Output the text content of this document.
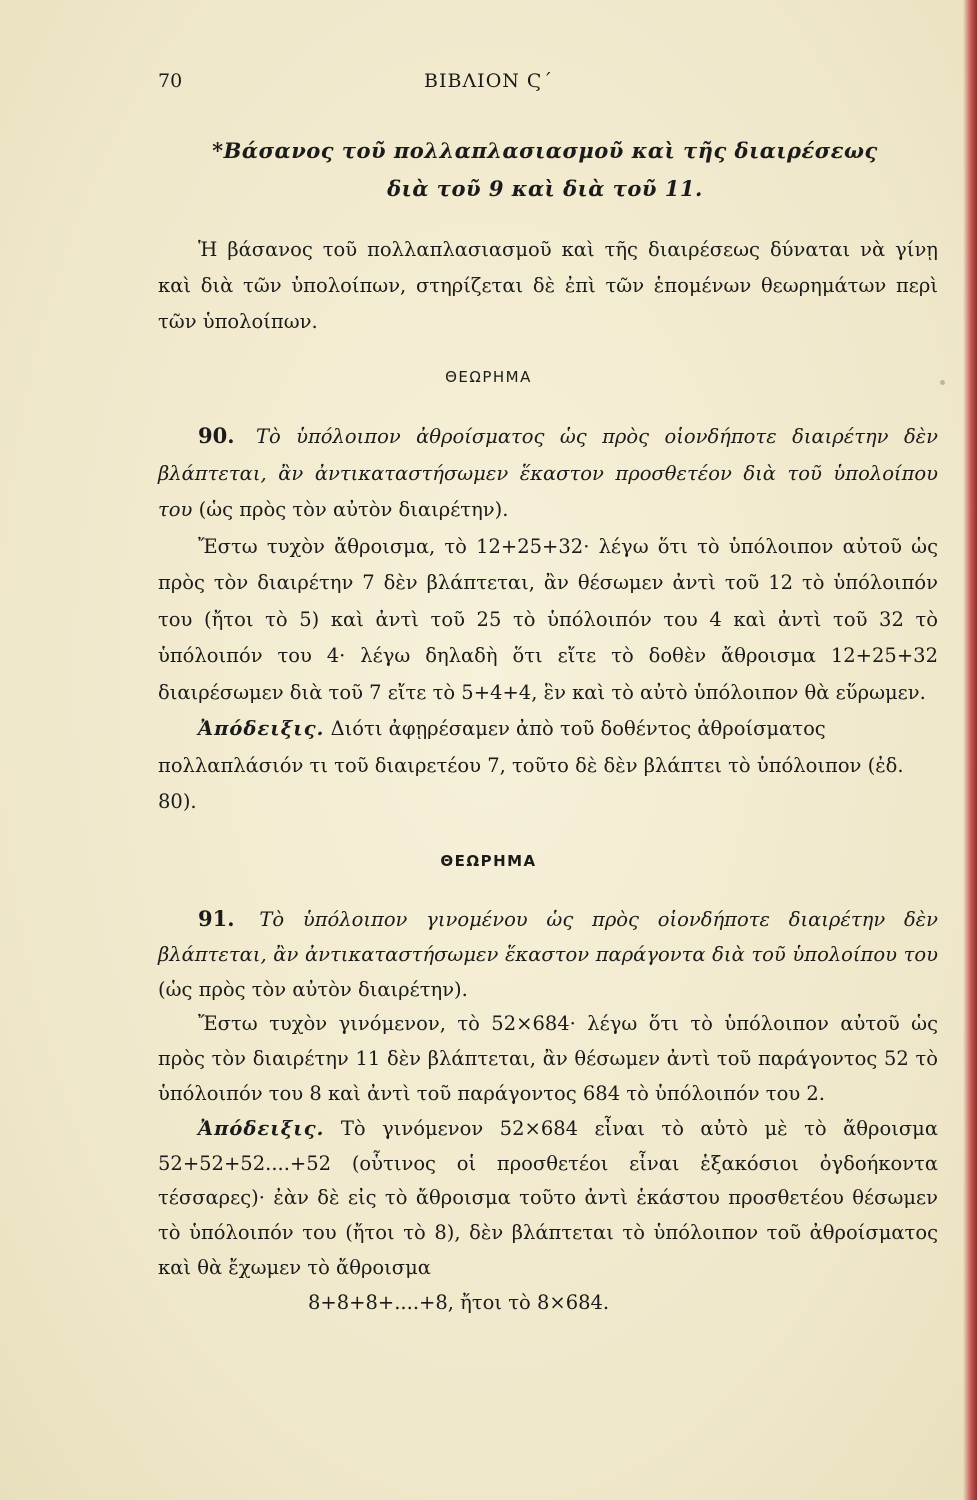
70	ΒΙΒΛΙΟΝ Ϛ΄
*Βάσανος τοῦ πολλαπλασιασμοῦ καὶ τῆς διαιρέσεως
διὰ τοῦ 9 καὶ διὰ τοῦ 11.
Ἡ βάσανος τοῦ πολλαπλασιασμοῦ καὶ τῆς διαιρέσεως δύναται νὰ γίνῃ καὶ διὰ τῶν ὑπολοίπων, στηρίζεται δὲ ἐπὶ τῶν ἑπομένων θεωρημάτων περὶ τῶν ὑπολοίπων.
ΘΕΩΡΗΜΑ
90. Τὸ ὑπόλοιπον ἀθροίσματος ὡς πρὸς οἱονδήποτε διαιρέτην δὲν βλάπτεται, ἂν ἀντικαταστήσωμεν ἕκαστον προσθετέον διὰ τοῦ ὑπολοίπου του (ὡς πρὸς τὸν αὐτὸν διαιρέτην).
Ἔστω τυχὸν ἄθροισμα, τὸ 12+25+32· λέγω ὅτι τὸ ὑπόλοιπον αὐτοῦ ὡς πρὸς τὸν διαιρέτην 7 δὲν βλάπτεται, ἂν θέσωμεν ἀντὶ τοῦ 12 τὸ ὑπόλοιπόν του (ἤτοι τὸ 5) καὶ ἀντὶ τοῦ 25 τὸ ὑπόλοιπόν του 4 καὶ ἀντὶ τοῦ 32 τὸ ὑπόλοιπόν του 4· λέγω δηλαδὴ ὅτι εἴτε τὸ δοθὲν ἄθροισμα 12+25+32 διαιρέσωμεν διὰ τοῦ 7 εἴτε τὸ 5+4+4, ἓν καὶ τὸ αὐτὸ ὑπόλοιπον θὰ εὕρωμεν.
Ἀπόδειξις. Διότι ἀφῃρέσαμεν ἀπὸ τοῦ δοθέντος ἀθροίσματος πολλαπλάσιόν τι τοῦ διαιρετέου 7, τοῦτο δὲ δὲν βλάπτει τὸ ὑπόλοιπον (ἐδ. 80).
ΘΕΩΡΗΜΑ
91. Τὸ ὑπόλοιπον γινομένου ὡς πρὸς οἱονδήποτε διαιρέτην δὲν βλάπτεται, ἂν ἀντικαταστήσωμεν ἕκαστον παράγοντα διὰ τοῦ ὑπολοίπου του (ὡς πρὸς τὸν αὐτὸν διαιρέτην).
Ἔστω τυχὸν γινόμενον, τὸ 52×684· λέγω ὅτι τὸ ὑπόλοιπον αὐτοῦ ὡς πρὸς τὸν διαιρέτην 11 δὲν βλάπτεται, ἂν θέσωμεν ἀντὶ τοῦ παράγοντος 52 τὸ ὑπόλοιπόν του 8 καὶ ἀντὶ τοῦ παράγοντος 684 τὸ ὑπόλοιπόν του 2.
Ἀπόδειξις. Τὸ γινόμενον 52×684 εἶναι τὸ αὐτὸ μὲ τὸ ἄθροισμα 52+52+52....+52 (οὗτινος οἱ προσθετέοι εἶναι ἑξακόσιοι ὀγδοήκοντα τέσσαρες)· ἐὰν δὲ εἰς τὸ ἄθροισμα τοῦτο ἀντὶ ἑκάστου προσθετέου θέσωμεν τὸ ὑπόλοιπόν του (ἤτοι τὸ 8), δὲν βλάπτεται τὸ ὑπόλοιπον τοῦ ἀθροίσματος καὶ θὰ ἔχωμεν τὸ ἄθροισμα
8+8+8+....+8, ἤτοι τὸ 8×684.
